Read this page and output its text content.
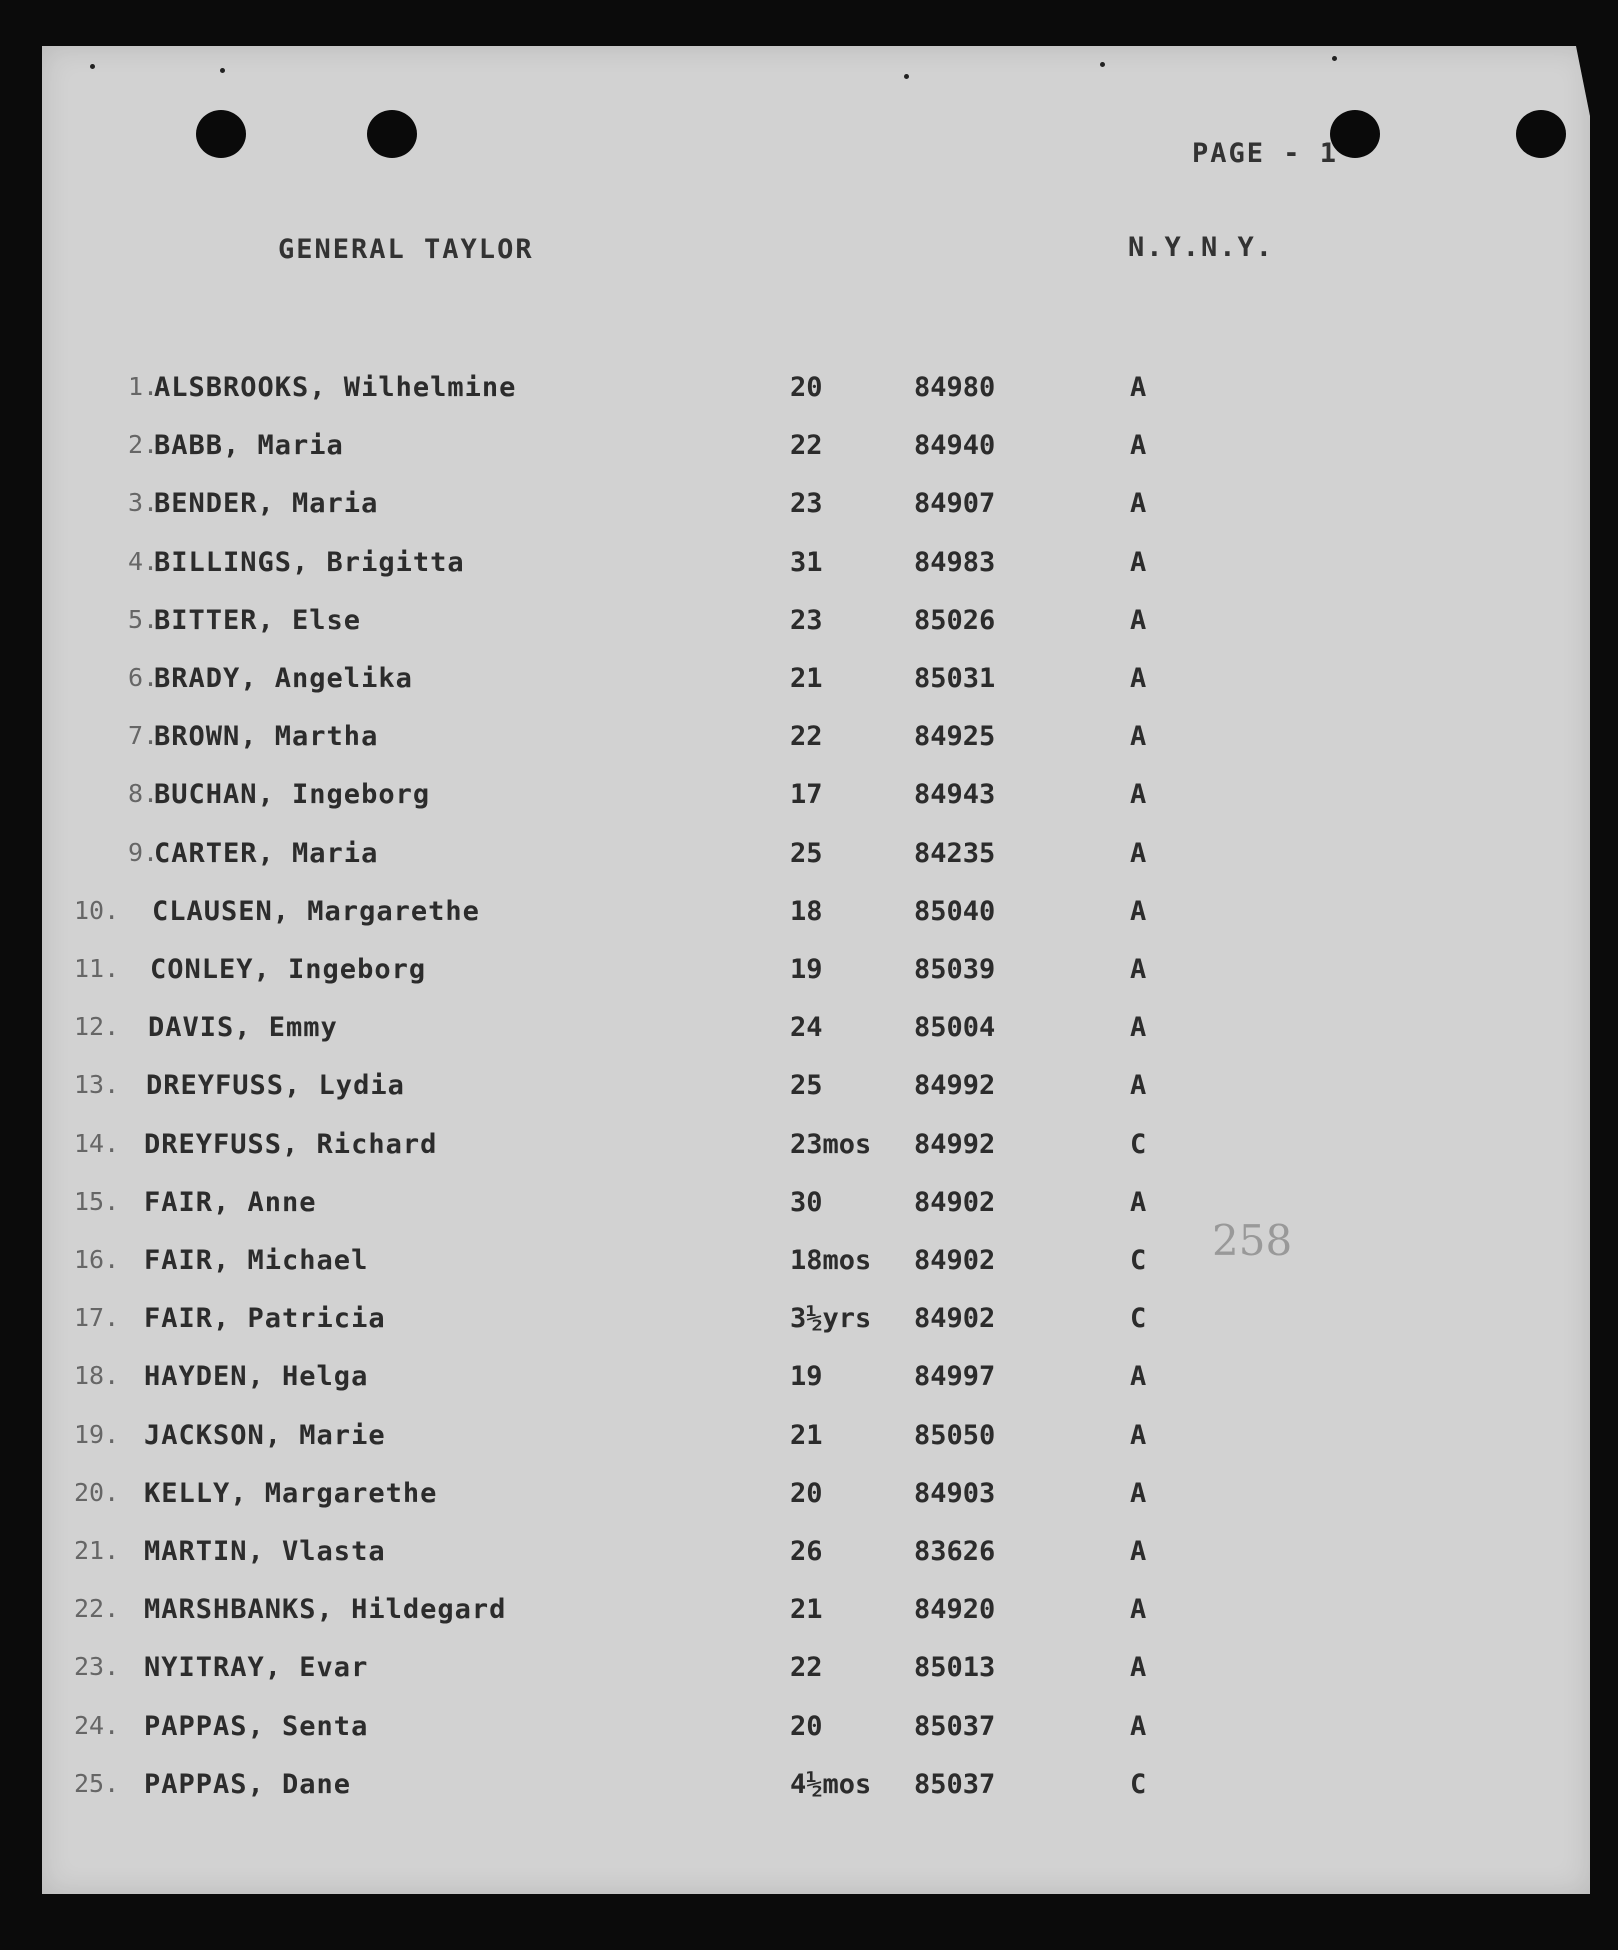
PAGE - 1
GENERAL TAYLOR	N.Y.N.Y.
258
1.
ALSBROOKS, Wilhelmine	20	84980	A
2.
BABB, Maria	22	84940	A
3.
BENDER, Maria	23	84907	A
4.
BILLINGS, Brigitta	31	84983	A
5.
BITTER, Else	23	85026	A
6.
BRADY, Angelika	21	85031	A
7.
BROWN, Martha	22	84925	A
8.
BUCHAN, Ingeborg	17	84943	A
9.
CARTER, Maria	25	84235	A
10. CLAUSEN, Margarethe	18	85040	A
11. CONLEY, Ingeborg	19	85039	A
12. DAVIS, Emmy	24	85004	A
13. DREYFUSS, Lydia	25	84992	A
14. DREYFUSS, Richard	23mos 84992	C
15. FAIR, Anne	30	84902	A
16. FAIR, Michael	18mos 84902	C
17. FAIR, Patricia	3½yrs 84902	C
18. HAYDEN, Helga	19	84997	A
19. JACKSON, Marie	21	85050	A
20. KELLY, Margarethe	20	84903	A
21. MARTIN, Vlasta	26	83626	A
22. MARSHBANKS, Hildegard	21	84920	A
23. NYITRAY, Evar	22	85013	A
24. PAPPAS, Senta	20	85037	A
25. PAPPAS, Dane	4½mos 85037	C
